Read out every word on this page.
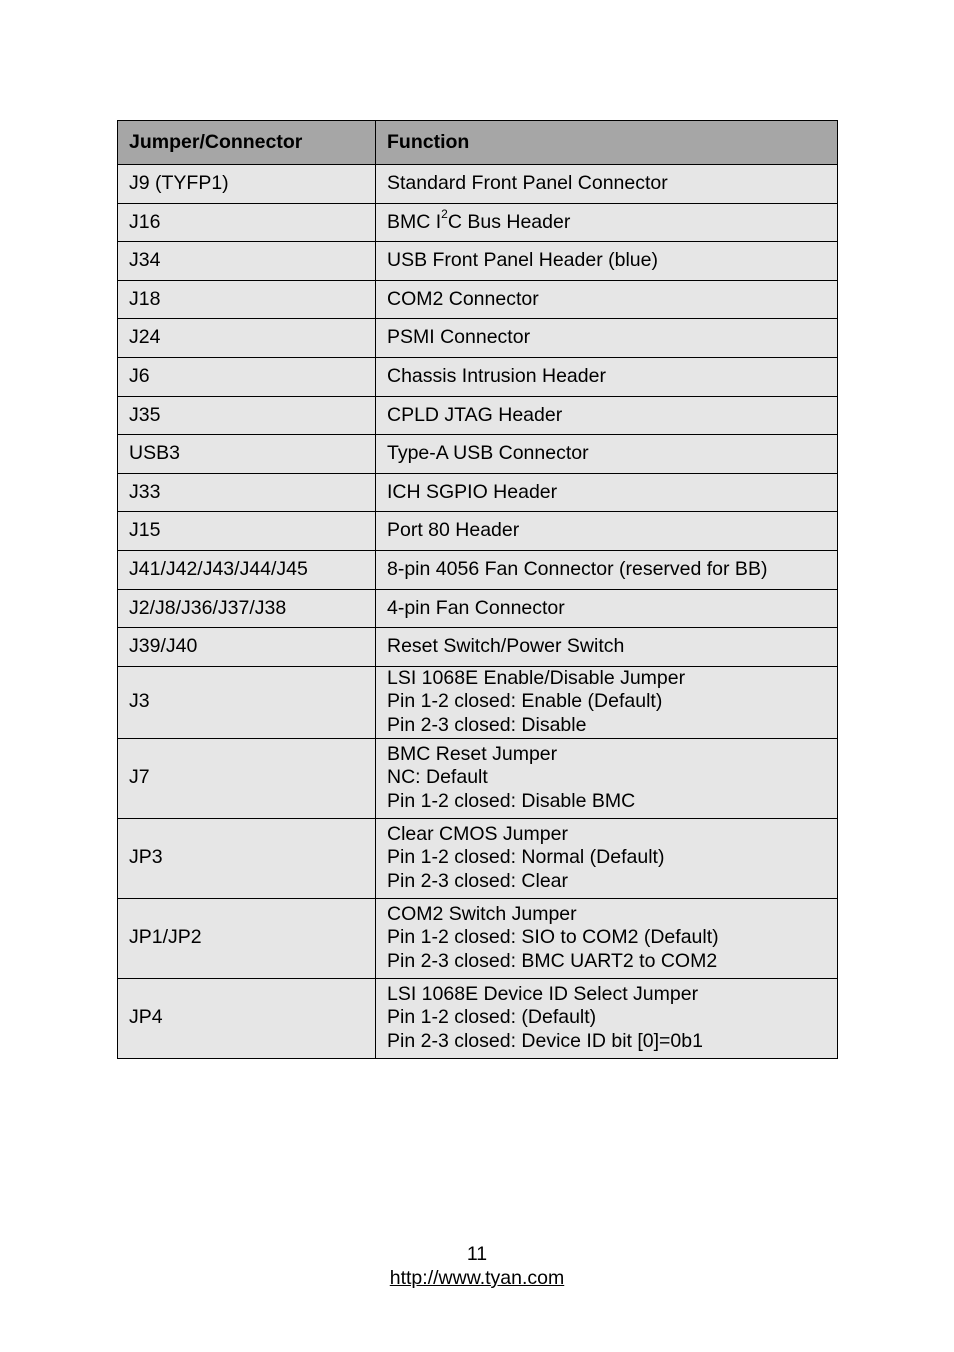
Jumper/Connector	Function
J9 (TYFP1)	Standard Front Panel Connector

J16	BMC $I^2C$ Bus Header
J34	USB Front Panel Header (blue)

J18	COM2 Connector

J24	PSMI Connector

J6	Chassis Intrusion Header

J35	CPLD JTAG Header

USB3	Type-A USB Connector

J33	ICH SGPIO Header

J15	Port 80 Header

J41/J42/J43/J44/J45	8-pin 4056 Fan Connector (reserved for BB)

J2/J8/J36/J37/J38	4-pin Fan Connector

J39/J40	Reset Switch/Power Switch

J3	LSI 1068E Enable/Disable Jumper
Pin 1-2 closed: Enable (Default)
Pin 2-3 closed: Disable

J7	BMC Reset Jumper
NC: Default
Pin 1-2 closed: Disable BMC

JP3	Clear CMOS Jumper
Pin 1-2 closed: Normal (Default)
Pin 2-3 closed: Clear

JP1/JP2	COM2 Switch Jumper
Pin 1-2 closed: SIO to COM2 (Default)
Pin 2-3 closed: BMC UART2 to COM2

JP4	LSI 1068E Device ID Select Jumper
Pin 1-2 closed: (Default)
Pin 2-3 closed: Device ID bit [0]=0b1
11
http://www.tyan.com
